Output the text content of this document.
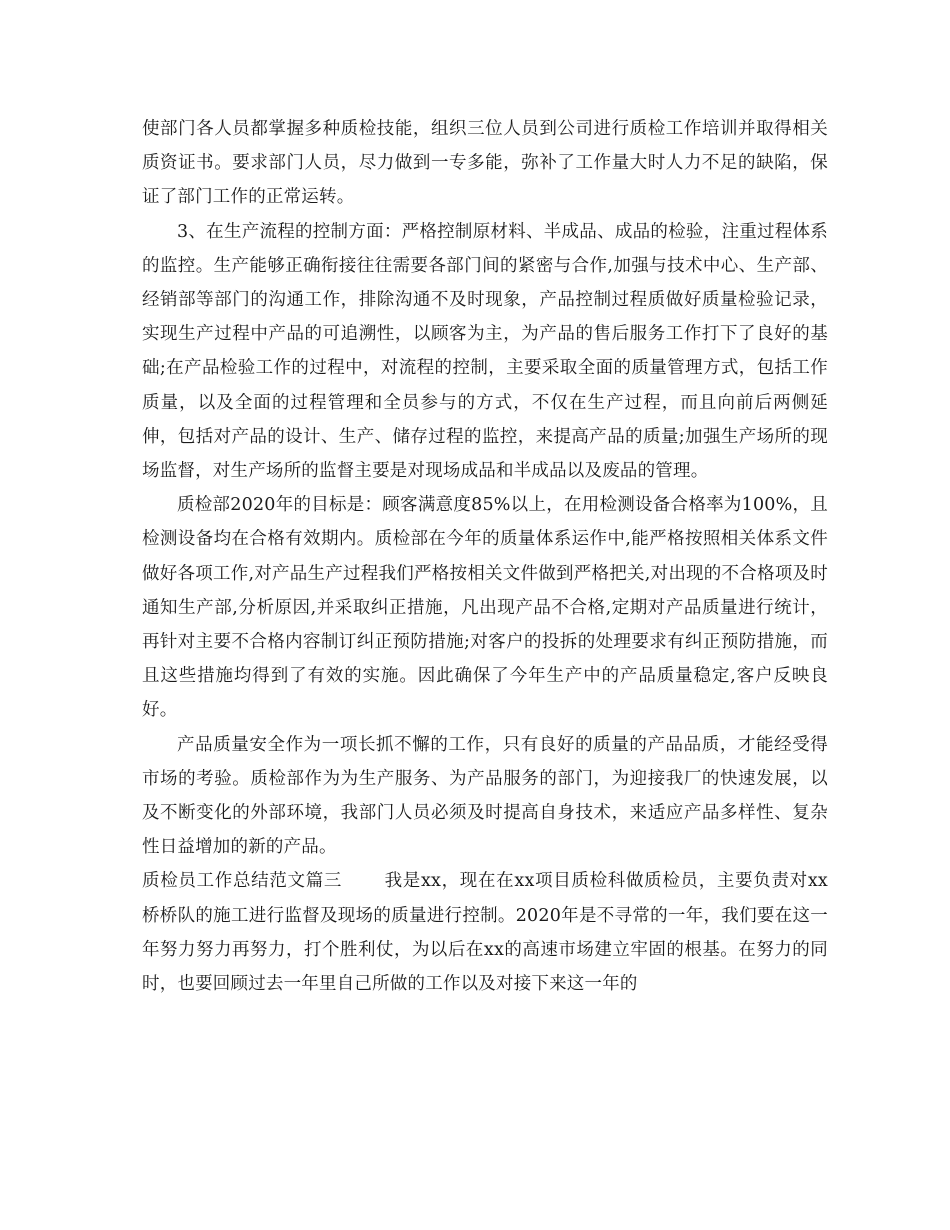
使部门各人员都掌握多种质检技能，组织三位人员到公司进行质检工作培训并取得相关质资证书。要求部门人员，尽力做到一专多能，弥补了工作量大时人力不足的缺陷，保证了部门工作的正常运转。

3、在生产流程的控制方面：严格控制原材料、半成品、成品的检验，注重过程体系的监控。生产能够正确衔接往往需要各部门间的紧密与合作,加强与技术中心、生产部、经销部等部门的沟通工作，排除沟通不及时现象，产品控制过程质做好质量检验记录，实现生产过程中产品的可追溯性，以顾客为主，为产品的售后服务工作打下了良好的基础;在产品检验工作的过程中，对流程的控制，主要采取全面的质量管理方式，包括工作质量，以及全面的过程管理和全员参与的方式，不仅在生产过程，而且向前后两侧延伸，包括对产品的设计、生产、储存过程的监控，来提高产品的质量;加强生产场所的现场监督，对生产场所的监督主要是对现场成品和半成品以及废品的管理。

质检部2020年的目标是：顾客满意度85%以上，在用检测设备合格率为100%，且检测设备均在合格有效期内。质检部在今年的质量体系运作中,能严格按照相关体系文件做好各项工作,对产品生产过程我们严格按相关文件做到严格把关,对出现的不合格项及时通知生产部,分析原因,并采取纠正措施，凡出现产品不合格,定期对产品质量进行统计，再针对主要不合格内容制订纠正预防措施;对客户的投拆的处理要求有纠正预防措施，而且这些措施均得到了有效的实施。因此确保了今年生产中的产品质量稳定,客户反映良好。

产品质量安全作为一项长抓不懈的工作，只有良好的质量的产品品质，才能经受得市场的考验。质检部作为为生产服务、为产品服务的部门，为迎接我厂的快速发展，以及不断变化的外部环境，我部门人员必须及时提高自身技术，来适应产品多样性、复杂性日益增加的新的产品。

质检员工作总结范文篇三 我是xx，现在在xx项目质检科做质检员，主要负责对xx桥桥队的施工进行监督及现场的质量进行控制。2020年是不寻常的一年，我们要在这一年努力努力再努力，打个胜利仗，为以后在xx的高速市场建立牢固的根基。在努力的同时，也要回顾过去一年里自己所做的工作以及对接下来这一年的
